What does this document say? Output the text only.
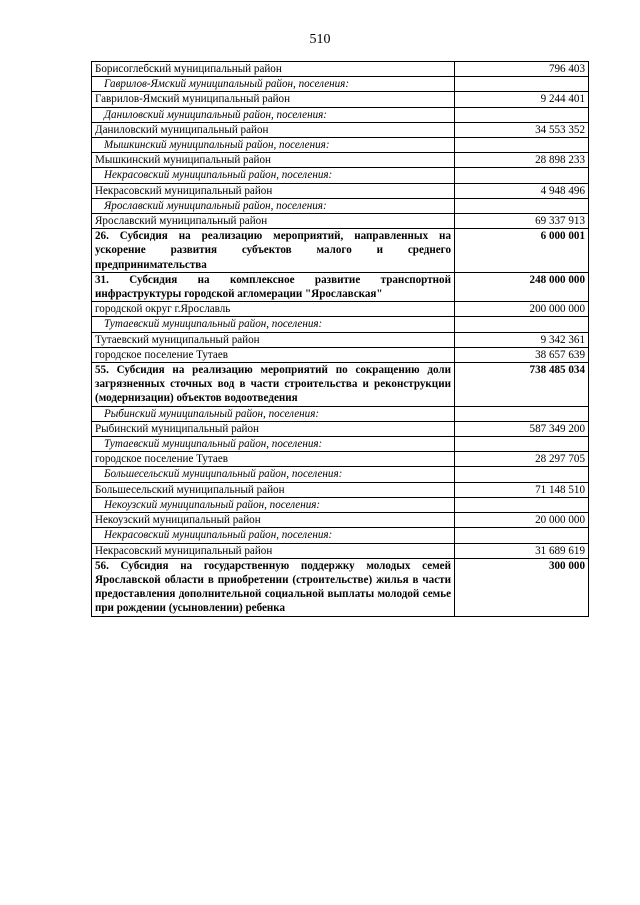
510
Борисоглебский муниципальный район	796 403
Гаврилов-Ямский муниципальный район, поселения:	
Гаврилов-Ямский муниципальный район	9 244 401
Даниловский муниципальный район, поселения:	
Даниловский муниципальный район	34 553 352
Мышкинский муниципальный район, поселения:	
Мышкинский муниципальный район	28 898 233
Некрасовский муниципальный район, поселения:	
Некрасовский муниципальный район	4 948 496
Ярославский муниципальный район, поселения:	
Ярославский муниципальный район	69 337 913
26. Субсидия на реализацию мероприятий, направленных на ускорение развития субъектов малого и среднего предпринимательства	6 000 001
31. Субсидия на комплексное развитие транспортной инфраструктуры городской агломерации "Ярославская"	248 000 000
городской округ г.Ярославль	200 000 000
Тутаевский муниципальный район, поселения:	
Тутаевский муниципальный район	9 342 361
городское поселение Тутаев	38 657 639
55. Субсидия на реализацию мероприятий по сокращению доли загрязненных сточных вод в части строительства и реконструкции (модернизации) объектов водоотведения	738 485 034
Рыбинский муниципальный район, поселения:	
Рыбинский муниципальный район	587 349 200
Тутаевский муниципальный район, поселения:	
городское поселение Тутаев	28 297 705
Большесельский муниципальный район, поселения:	
Большесельский муниципальный район	71 148 510
Некоузский муниципальный район, поселения:	
Некоузский муниципальный район	20 000 000
Некрасовский муниципальный район, поселения:	
Некрасовский муниципальный район	31 689 619
56. Субсидия на государственную поддержку молодых семей Ярославской области в приобретении (строительстве) жилья в части предоставления дополнительной социальной выплаты молодой семье при рождении (усыновлении) ребенка	300 000
